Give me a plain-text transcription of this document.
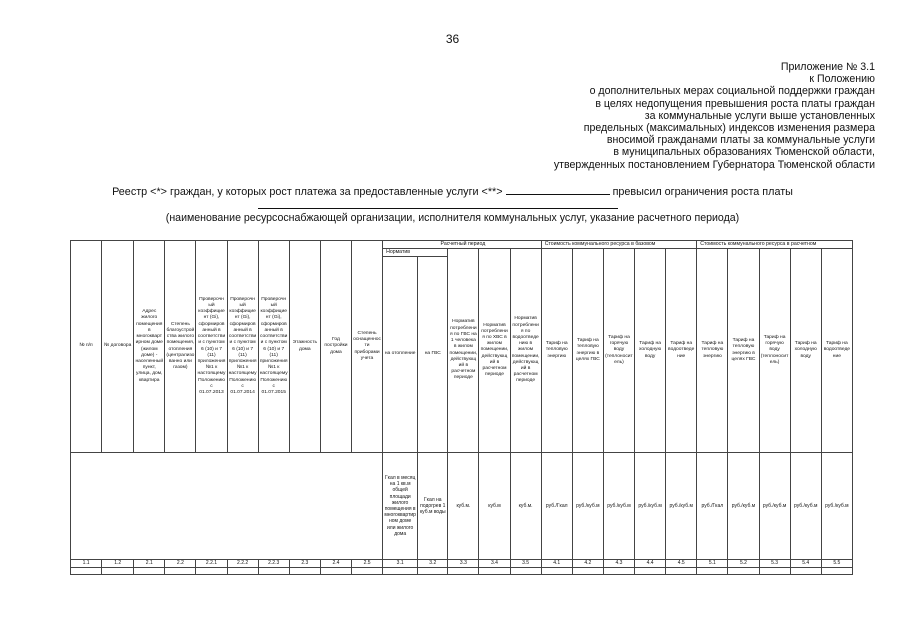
36
Приложение № 3.1
к Положению
о дополнительных мерах социальной поддержки граждан
в целях недопущения превышения роста платы граждан
за коммунальные услуги выше установленных
предельных (максимальных) индексов изменения размера
вносимой гражданами платы за коммунальные услуги
в муниципальных образованиях Тюменской области,
утвержденных постановлением Губернатора Тюменской области
Реестр <*> граждан, у которых рост платежа за предоставленные услуги <**>	превысил ограничения роста платы
(наименование ресурсоснабжающей организации, исполнителя коммунальных услуг, указание расчетного периода)
№ п/п	№ договора	Адрес жилого помещения в многоквартирном доме (жилом доме) - населенный пункт, улица, дом, квартира	Степень благоустройства жилого помещения, отопления (централизованно или газом)	Проверочный коэффициент (Gi), сформированный в соответствии с пунктом 6 (10) и 7 (11) приложения №1 к настоящему Положению с 01.07.2013	Проверочный коэффициент (Gi), сформированный в соответствии с пунктом 6 (10) и 7 (11) приложения №1 к настоящему Положению с 01.07.2014	Проверочный коэффициент (Gi), сформированный в соответствии с пунктом 6 (10) и 7 (11) приложения №1 к настоящему Положению с 01.07.2015	Этажность дома	Год постройки дома	Степень оснащенности приборами учета	Расчетный период					Стоимость коммунального ресурса в базовом					Стоимость коммунального ресурса в расчетном				
										Норматив		Норматив потребления по ГВС на 1 человека в жилом помещении, действующий в расчетном периоде	Норматив потребления по ХВС в жилом помещении, действующий в расчетном периоде	Норматив потребления по водоотведению в жилом помещении, действующий в расчетном периоде	Тариф на тепловую энергию	Тариф на тепловую энергию в целях ГВС	Тариф на горячую воду (теплоноситель)	Тариф на холодную воду	Тариф на водоотведение	Тариф на тепловую энергию	Тариф на тепловую энергию в целях ГВС	Тариф на горячую воду (теплоноситель)	Тариф на холодную воду	Тариф на водоотведение
										на отопление	на ГВС													
										Гкал в месяц на 1 кв.м общей площади жилого помещения в многоквартирном доме или жилого дома	Гкал на подогрев 1 куб.м воды	куб.м.	куб.м	куб.м.	руб./Гкал	руб./куб.м	руб./куб.м	руб./куб.м	руб./куб.м	руб./Гкал	руб./куб.м	руб./куб.м	руб./куб.м	руб./куб.м
1.1	1.2	2.1	2.2	2.2.1	2.2.2	2.2.3	2.3	2.4	2.5	3.1	3.2	3.3	3.4	3.5	4.1	4.2	4.3	4.4	4.5	5.1	5.2	5.3	5.4	5.5
